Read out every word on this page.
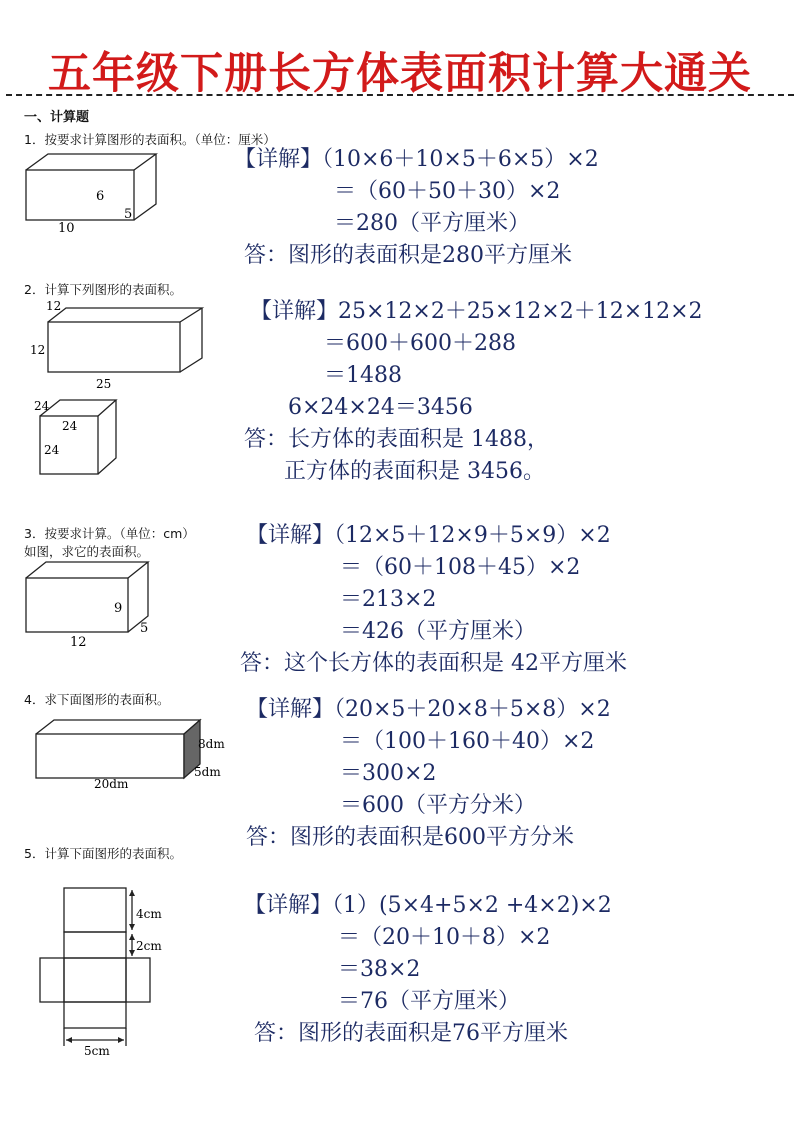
五年级下册长方体表面积计算大通关
一、计算题
1．按要求计算图形的表面积。（单位：厘米）
6
5
10
【详解】（10×6＋10×5＋6×5）×2
＝（60＋50＋30）×2
＝280（平方厘米）
答：图形的表面积是280平方厘米
2．计算下列图形的表面积。
12
12
25
24
24
24
【详解】25×12×2＋25×12×2＋12×12×2
＝600＋600＋288
＝1488
6×24×24＝3456
答：长方体的表面积是 1488，
正方体的表面积是 3456。
3．按要求计算。（单位：cm）
如图，求它的表面积。
9
5
12
【详解】（12×5＋12×9＋5×9）×2
＝（60＋108＋45）×2
＝213×2
＝426（平方厘米）
答：这个长方体的表面积是 42平方厘米
4．求下面图形的表面积。
8dm
5dm
20dm
【详解】（20×5＋20×8＋5×8）×2
＝（100＋160＋40）×2
＝300×2
＝600（平方分米）
答：图形的表面积是600平方分米
5．计算下面图形的表面积。
4cm
2cm
5cm
【详解】（1）(5×4+5×2 +4×2)×2
＝（20＋10＋8）×2
＝38×2
＝76（平方厘米）
答：图形的表面积是76平方厘米
